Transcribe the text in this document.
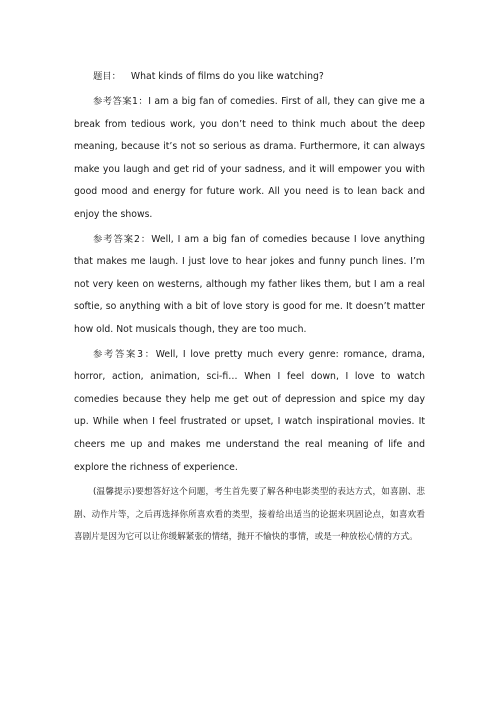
题目： What kinds of films do you like watching?

参考答案1：I am a big fan of comedies. First of all, they can give me a break from tedious work, you don’t need to think much about the deep meaning, because it’s not so serious as drama. Furthermore, it can always make you laugh and get rid of your sadness, and it will empower you with good mood and energy for future work. All you need is to lean back and enjoy the shows.

参考答案2：Well, I am a big fan of comedies because I love anything that makes me laugh. I just love to hear jokes and funny punch lines. I’m not very keen on westerns, although my father likes them, but I am a real softie, so anything with a bit of love story is good for me. It doesn’t matter how old. Not musicals though, they are too much.

参考答案3：Well, I love pretty much every genre: romance, drama, horror, action, animation, sci-fi… When I feel down, I love to watch comedies because they help me get out of depression and spice my day up. While when I feel frustrated or upset, I watch inspirational movies. It cheers me up and makes me understand the real meaning of life and explore the richness of experience.

(温馨提示)要想答好这个问题，考生首先要了解各种电影类型的表达方式，如喜剧、悲剧、动作片等，之后再选择你所喜欢看的类型，接着给出适当的论据来巩固论点，如喜欢看喜剧片是因为它可以让你缓解紧张的情绪，抛开不愉快的事情，或是一种放松心情的方式。
